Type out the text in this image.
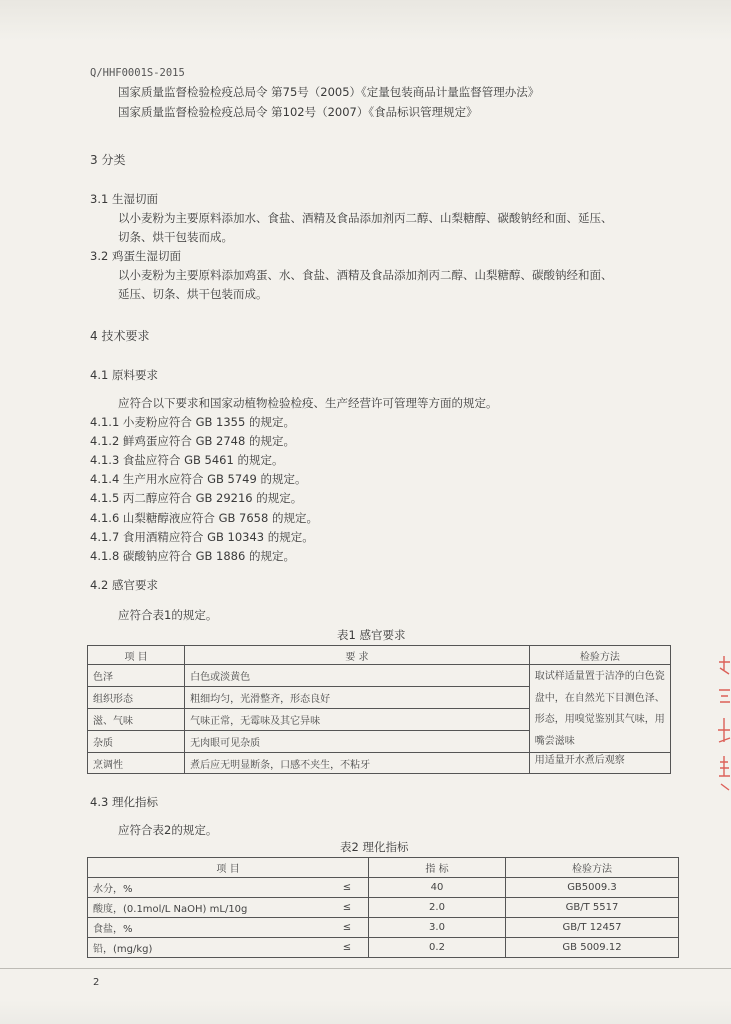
Q/HHF0001S-2015
国家质量监督检验检疫总局令 第75号（2005）《定量包装商品计量监督管理办法》
国家质量监督检验检疫总局令 第102号（2007）《食品标识管理规定》
3 分类
3.1 生湿切面
以小麦粉为主要原料添加水、食盐、酒精及食品添加剂丙二醇、山梨糖醇、碳酸钠经和面、延压、
切条、烘干包装而成。
3.2 鸡蛋生湿切面
以小麦粉为主要原料添加鸡蛋、水、食盐、酒精及食品添加剂丙二醇、山梨糖醇、碳酸钠经和面、
延压、切条、烘干包装而成。
4 技术要求
4.1 原料要求
应符合以下要求和国家动植物检验检疫、生产经营许可管理等方面的规定。
4.1.1 小麦粉应符合 GB 1355 的规定。
4.1.2 鲜鸡蛋应符合 GB 2748 的规定。
4.1.3 食盐应符合 GB 5461 的规定。
4.1.4 生产用水应符合 GB 5749 的规定。
4.1.5 丙二醇应符合 GB 29216 的规定。
4.1.6 山梨糖醇液应符合 GB 7658 的规定。
4.1.7 食用酒精应符合 GB 10343 的规定。
4.1.8 碳酸钠应符合 GB 1886 的规定。
4.2 感官要求
应符合表1的规定。
表1 感官要求
项 目	要 求	检验方法
色泽	白色或淡黄色	取试样适量置于洁净的白色瓷盘中，在自然光下目测色泽、形态，用嗅觉鉴别其气味，用嘴尝滋味
组织形态	粗细均匀，光滑整齐，形态良好	
滋、气味	气味正常，无霉味及其它异味	
杂质	无肉眼可见杂质	
烹调性	煮后应无明显断条，口感不夹生，不粘牙	用适量开水煮后观察
4.3 理化指标
应符合表2的规定。
表2 理化指标
项 目		指 标	检验方法
水分，%	≤	40	GB5009.3
酸度，(0.1mol/L NaOH) mL/10g	≤	2.0	GB/T 5517
食盐，%	≤	3.0	GB/T 12457
铅，(mg/kg)	≤	0.2	GB 5009.12
2
